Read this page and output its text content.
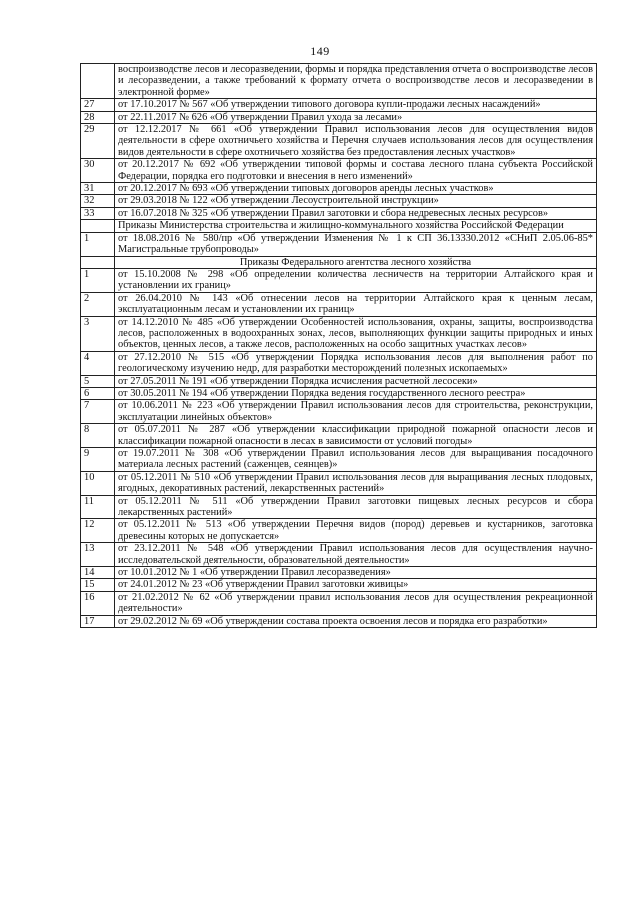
149
	воспроизводстве лесов и лесоразведении, формы и порядка представления отчета о воспроизводстве лесов и лесоразведении, а также требований к формату отчета о воспроизводстве лесов и лесоразведении в электронной форме»
27	от 17.10.2017 № 567 «Об утверждении типового договора купли-продажи лесных насаждений»
28	от 22.11.2017 № 626 «Об утверждении Правил ухода за лесами»
29	от 12.12.2017 № 661 «Об утверждении Правил использования лесов для осуществления видов деятельности в сфере охотничьего хозяйства и Перечня случаев использования лесов для осуществления видов деятельности в сфере охотничьего хозяйства без предоставления лесных участков»
30	от 20.12.2017 № 692 «Об утверждении типовой формы и состава лесного плана субъекта Российской Федерации, порядка его подготовки и внесения в него изменений»
31	от 20.12.2017 № 693 «Об утверждении типовых договоров аренды лесных участков»
32	от 29.03.2018 № 122 «Об утверждении Лесоустроительной инструкции»
33	от 16.07.2018 № 325 «Об утверждении Правил заготовки и сбора недревесных лесных ресурсов»
	Приказы Министерства строительства и жилищно-коммунального хозяйства Российской Федерации
1	от 18.08.2016 № 580/пр «Об утверждении Изменения № 1 к СП 36.13330.2012 «СНиП 2.05.06-85* Магистральные трубопроводы»
	Приказы Федерального агентства лесного хозяйства
1	от 15.10.2008 № 298 «Об определении количества лесничеств на территории Алтайского края и установлении их границ»
2	от 26.04.2010 № 143 «Об отнесении лесов на территории Алтайского края к ценным лесам, эксплуатационным лесам и установлении их границ»
3	от 14.12.2010 № 485 «Об утверждении Особенностей использования, охраны, защиты, воспроизводства лесов, расположенных в водоохранных зонах, лесов, выполняющих функции защиты природных и иных объектов, ценных лесов, а также лесов, расположенных на особо защитных участках лесов»
4	от 27.12.2010 № 515 «Об утверждении Порядка использования лесов для выполнения работ по геологическому изучению недр, для разработки месторождений полезных ископаемых»
5	от 27.05.2011 № 191 «Об утверждении Порядка исчисления расчетной лесосеки»
6	от 30.05.2011 № 194 «Об утверждении Порядка ведения государственного лесного реестра»
7	от 10.06.2011 № 223 «Об утверждении Правил использования лесов для строительства, реконструкции, эксплуатации линейных объектов»
8	от 05.07.2011 № 287 «Об утверждении классификации природной пожарной опасности лесов и классификации пожарной опасности в лесах в зависимости от условий погоды»
9	от 19.07.2011 № 308 «Об утверждении Правил использования лесов для выращивания посадочного материала лесных растений (саженцев, сеянцев)»
10	от 05.12.2011 № 510 «Об утверждении Правил использования лесов для выращивания лесных плодовых, ягодных, декоративных растений, лекарственных растений»
11	от 05.12.2011 № 511 «Об утверждении Правил заготовки пищевых лесных ресурсов и сбора лекарственных растений»
12	от 05.12.2011 № 513 «Об утверждении Перечня видов (пород) деревьев и кустарников, заготовка древесины которых не допускается»
13	от 23.12.2011 № 548 «Об утверждении Правил использования лесов для осуществления научно-исследовательской деятельности, образовательной деятельности»
14	от 10.01.2012 № 1 «Об утверждении Правил лесоразведения»
15	от 24.01.2012 № 23 «Об утверждении Правил заготовки живицы»
16	от 21.02.2012 № 62 «Об утверждении правил использования лесов для осуществления рекреационной деятельности»
17	от 29.02.2012 № 69 «Об утверждении состава проекта освоения лесов и порядка его разработки»
